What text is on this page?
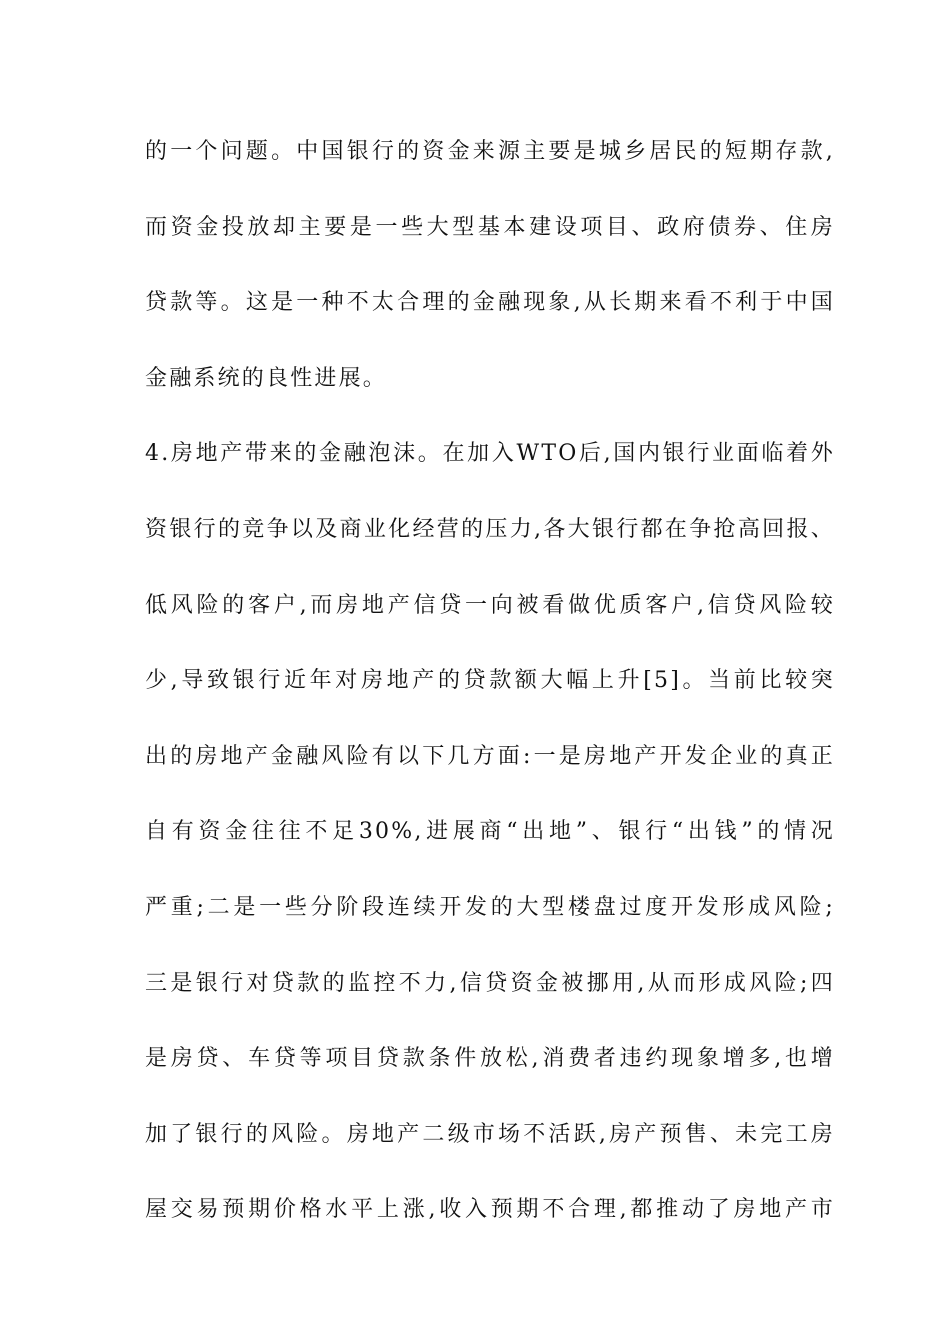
的一个问题。中国银行的资金来源主要是城乡居民的短期存款,
而资金投放却主要是一些大型基本建设项目、政府债券、住房
贷款等。这是一种不太合理的金融现象,从长期来看不利于中国
金融系统的良性进展。
4.房地产带来的金融泡沫。在加入WTO后,国内银行业面临着外
资银行的竞争以及商业化经营的压力,各大银行都在争抢高回报、
低风险的客户,而房地产信贷一向被看做优质客户,信贷风险较
少,导致银行近年对房地产的贷款额大幅上升[5]。当前比较突
出的房地产金融风险有以下几方面:一是房地产开发企业的真正
自有资金往往不足30%,进展商“出地”、银行“出钱”的情况
严重;二是一些分阶段连续开发的大型楼盘过度开发形成风险;
三是银行对贷款的监控不力,信贷资金被挪用,从而形成风险;四
是房贷、车贷等项目贷款条件放松,消费者违约现象增多,也增
加了银行的风险。房地产二级市场不活跃,房产预售、未完工房
屋交易预期价格水平上涨,收入预期不合理,都推动了房地产市
